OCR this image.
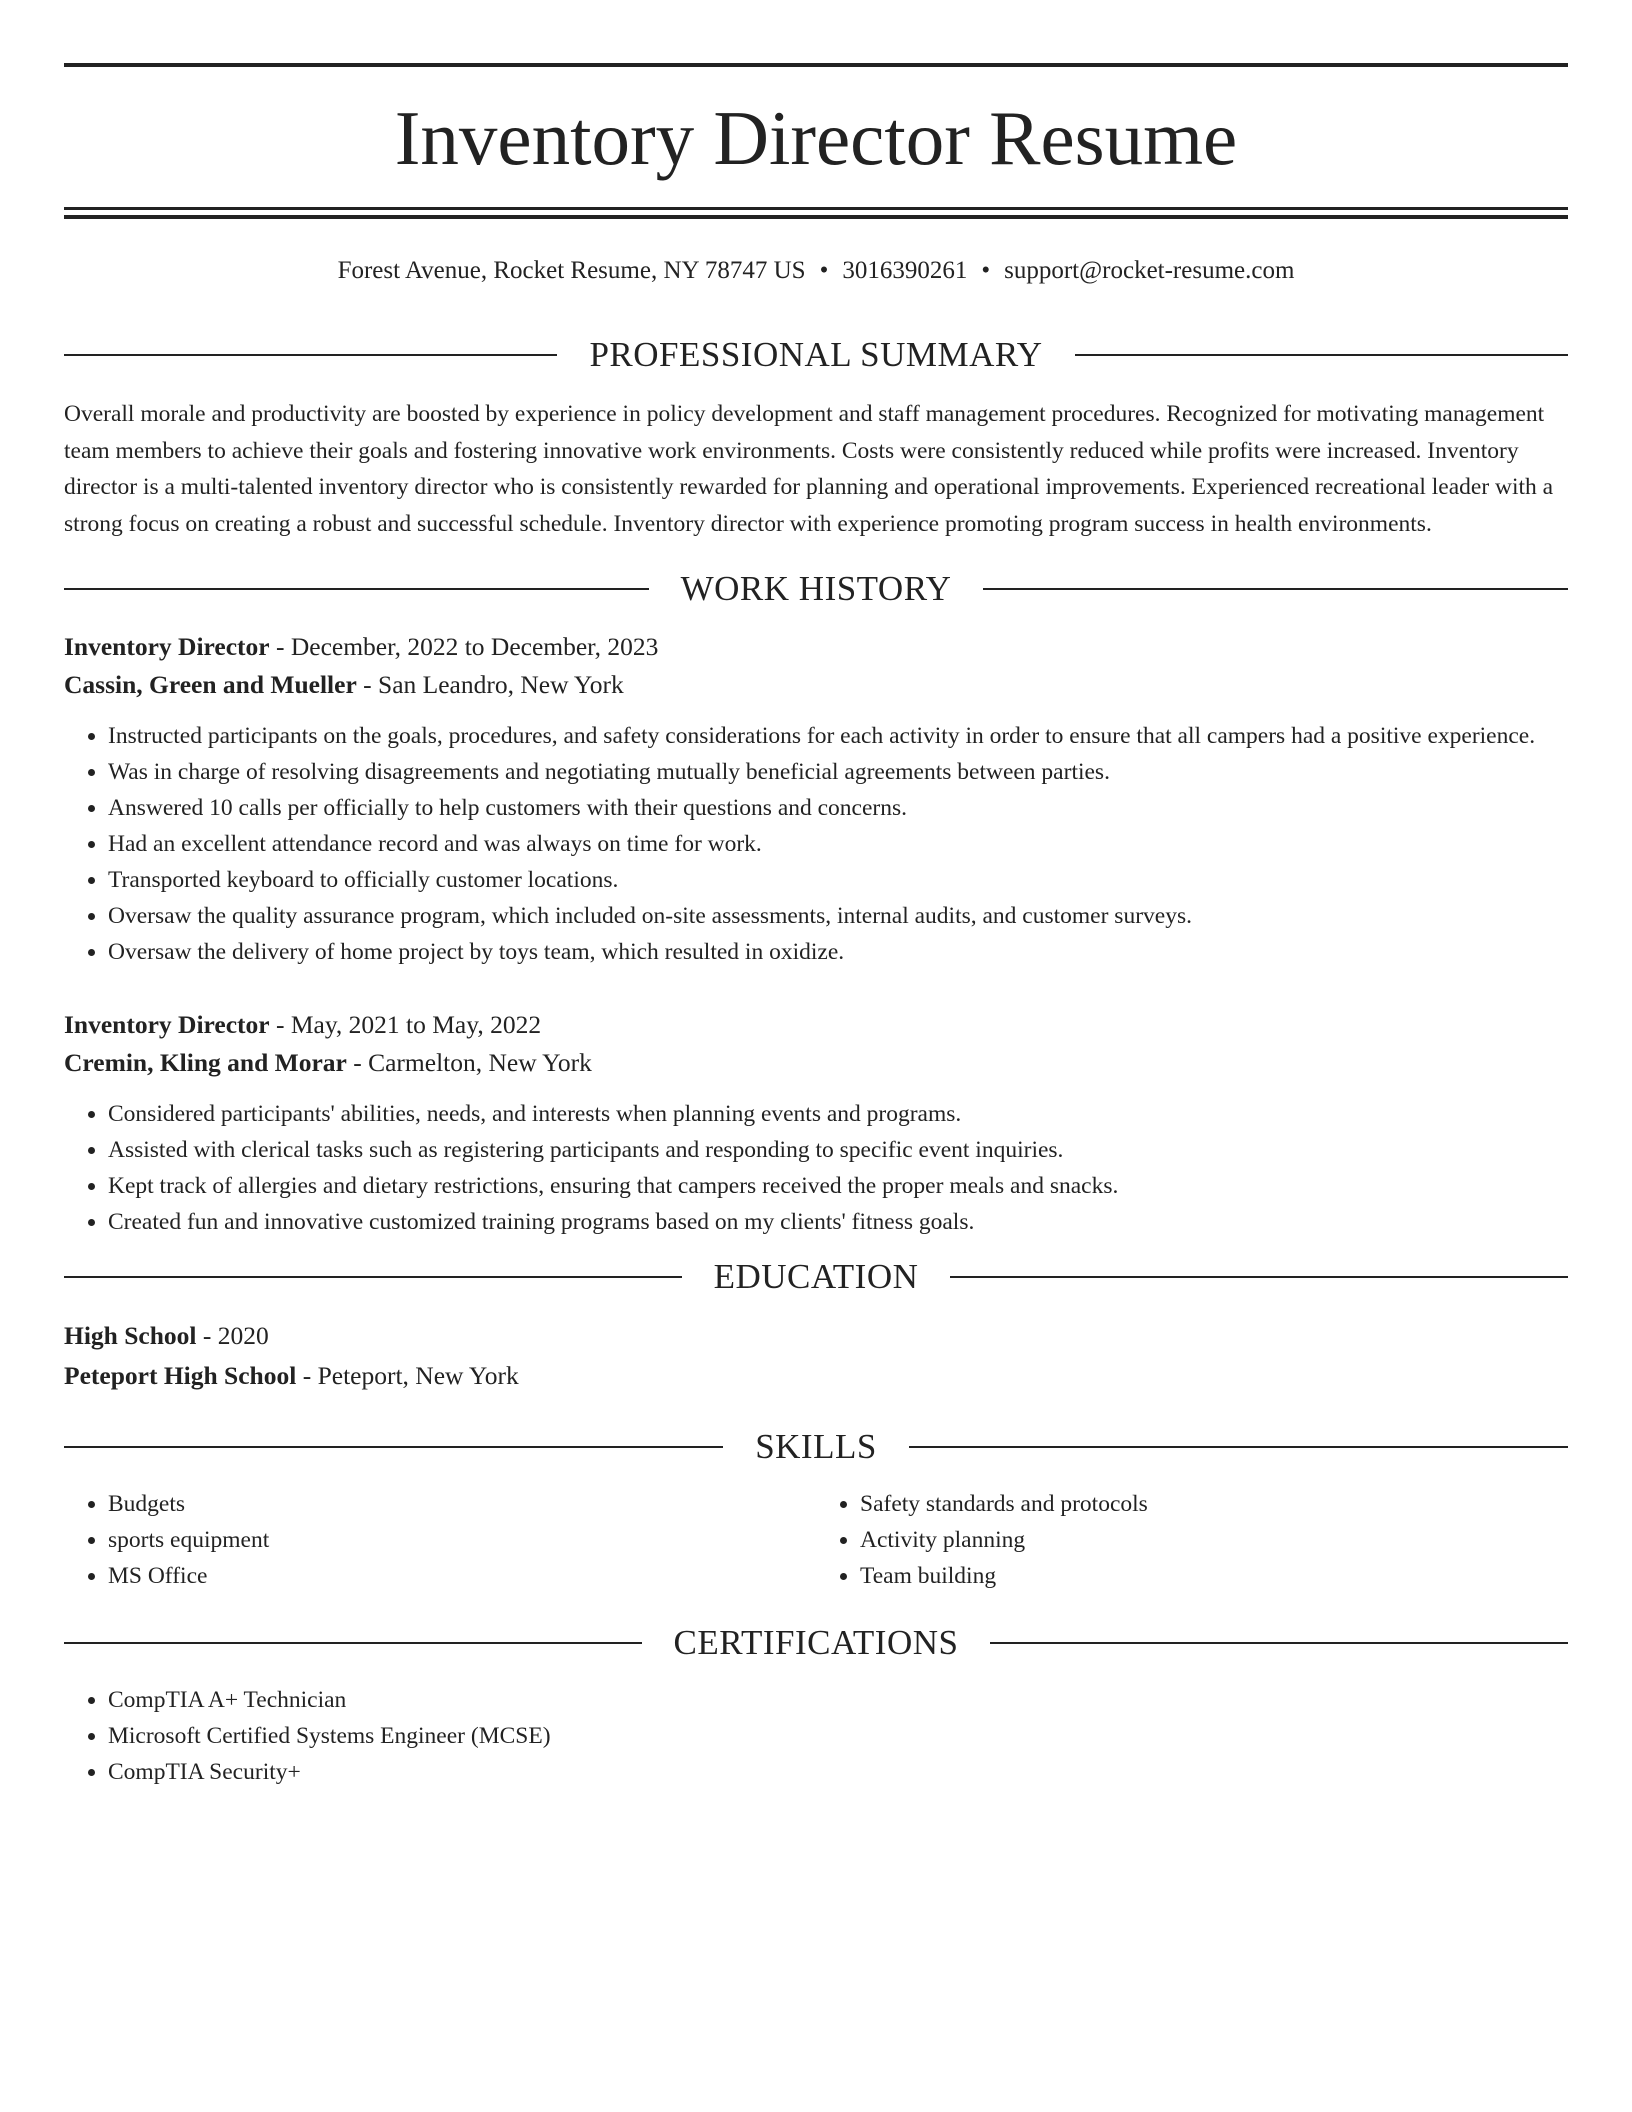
Inventory Director Resume
Forest Avenue, Rocket Resume, NY 78747 US • 3016390261 • support@rocket-resume.com
PROFESSIONAL SUMMARY

Overall morale and productivity are boosted by experience in policy development and staff management procedures. Recognized for motivating management team members to achieve their goals and fostering innovative work environments. Costs were consistently reduced while profits were increased. Inventory director is a multi-talented inventory director who is consistently rewarded for planning and operational improvements. Experienced recreational leader with a strong focus on creating a robust and successful schedule. Inventory director with experience promoting program success in health environments.

WORK HISTORY
Inventory Director - December, 2022 to December, 2023
Cassin, Green and Mueller - San Leandro, New York
• Instructed participants on the goals, procedures, and safety considerations for each activity in order to ensure that all campers had a positive experience.
• Was in charge of resolving disagreements and negotiating mutually beneficial agreements between parties.
• Answered 10 calls per officially to help customers with their questions and concerns.
• Had an excellent attendance record and was always on time for work.
• Transported keyboard to officially customer locations.
• Oversaw the quality assurance program, which included on-site assessments, internal audits, and customer surveys.
• Oversaw the delivery of home project by toys team, which resulted in oxidize.
Inventory Director - May, 2021 to May, 2022
Cremin, Kling and Morar - Carmelton, New York
• Considered participants' abilities, needs, and interests when planning events and programs.
• Assisted with clerical tasks such as registering participants and responding to specific event inquiries.
• Kept track of allergies and dietary restrictions, ensuring that campers received the proper meals and snacks.
• Created fun and innovative customized training programs based on my clients' fitness goals.
EDUCATION
High School - 2020
Peteport High School - Peteport, New York
SKILLS
• Budgets
• sports equipment
• MS Office
• Safety standards and protocols
• Activity planning
• Team building
CERTIFICATIONS
• CompTIA A+ Technician
• Microsoft Certified Systems Engineer (MCSE)
• CompTIA Security+
